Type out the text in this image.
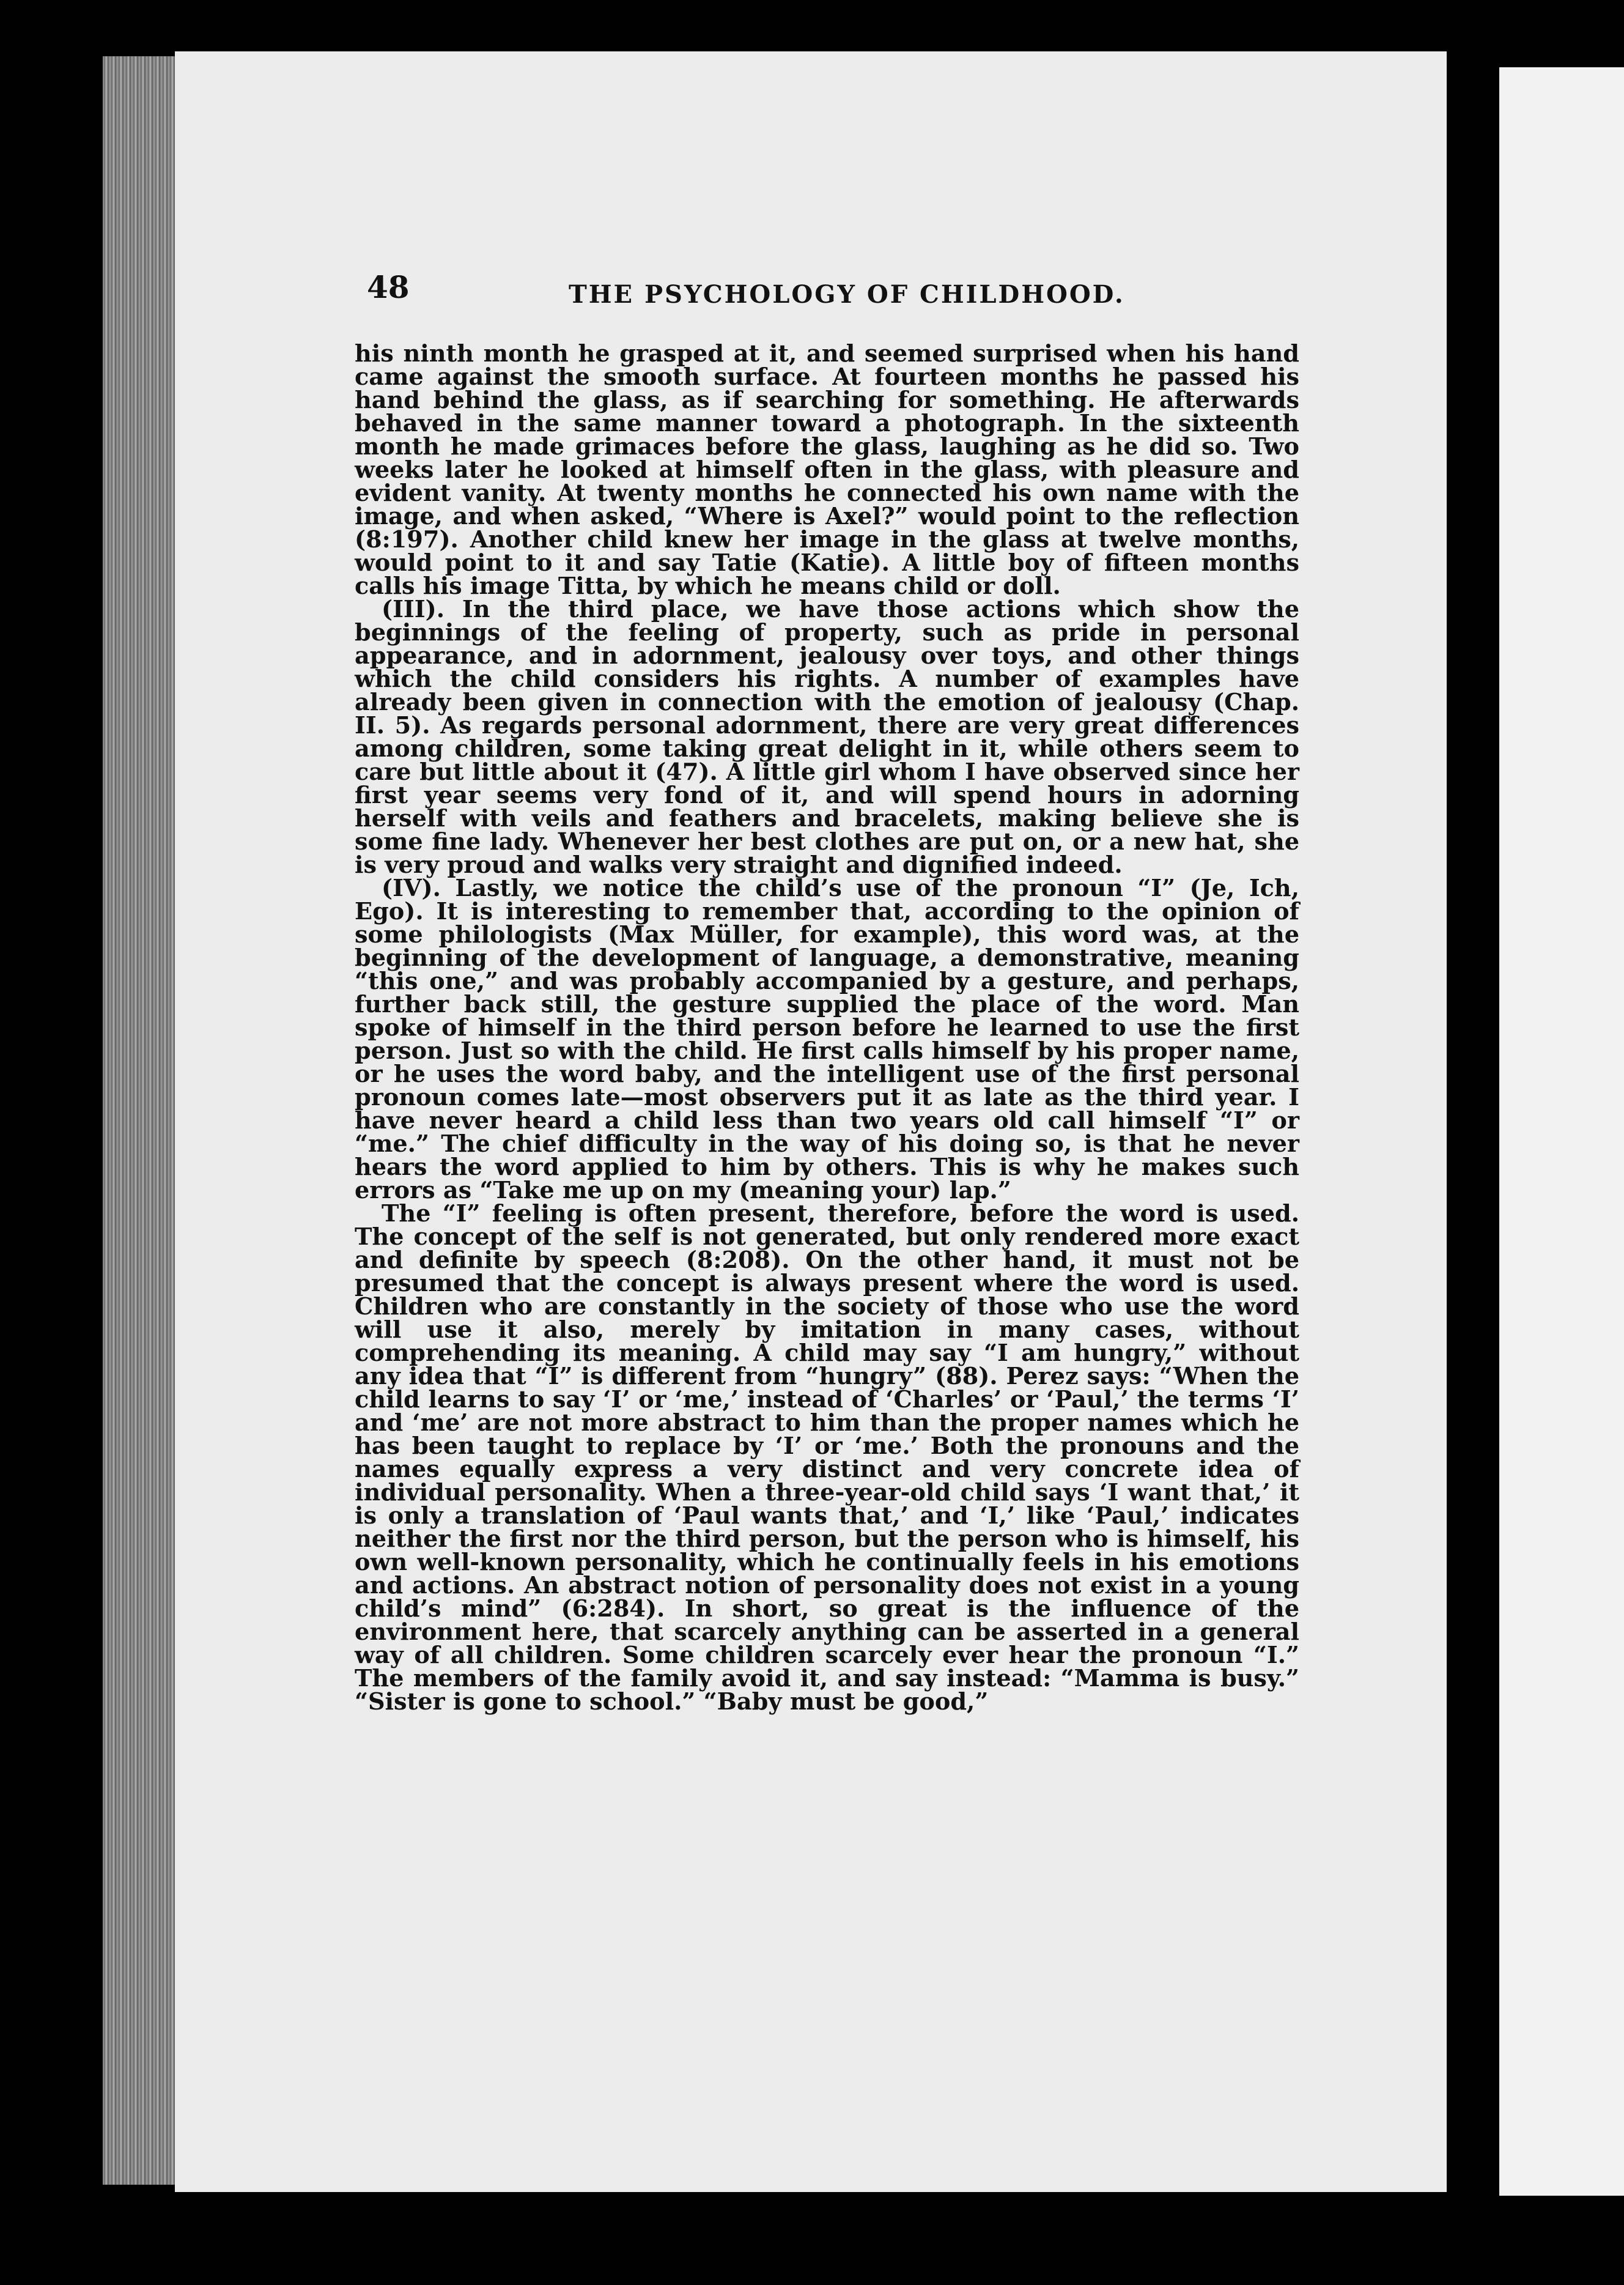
48	THE PSYCHOLOGY OF CHILDHOOD.

his ninth month he grasped at it, and seemed surprised when his hand came against the smooth surface. At fourteen months he passed his hand behind the glass, as if searching for something. He afterwards behaved in the same manner toward a photograph. In the sixteenth month he made grimaces before the glass, laughing as he did so. Two weeks later he looked at himself often in the glass, with pleasure and evident vanity. At twenty months he connected his own name with the image, and when asked, “Where is Axel?” would point to the reflection (8:197). Another child knew her image in the glass at twelve months, would point to it and say Tatie (Katie). A little boy of fifteen months calls his image Titta, by which he means child or doll.

(III). In the third place, we have those actions which show the beginnings of the feeling of property, such as pride in personal appearance, and in adornment, jealousy over toys, and other things which the child considers his rights. A number of examples have already been given in connection with the emotion of jealousy (Chap. II. 5). As regards personal adornment, there are very great differences among children, some taking great delight in it, while others seem to care but little about it (47). A little girl whom I have observed since her first year seems very fond of it, and will spend hours in adorning herself with veils and feathers and bracelets, making believe she is some fine lady. Whenever her best clothes are put on, or a new hat, she is very proud and walks very straight and dignified indeed.

(IV). Lastly, we notice the child’s use of the pronoun “I” (Je, Ich, Ego). It is interesting to remember that, according to the opinion of some philologists (Max Müller, for example), this word was, at the beginning of the development of language, a demonstrative, meaning “this one,” and was probably accompanied by a gesture, and perhaps, further back still, the gesture supplied the place of the word. Man spoke of himself in the third person before he learned to use the first person. Just so with the child. He first calls himself by his proper name, or he uses the word baby, and the intelligent use of the first personal pronoun comes late—most observers put it as late as the third year. I have never heard a child less than two years old call himself “I” or “me.” The chief difficulty in the way of his doing so, is that he never hears the word applied to him by others. This is why he makes such errors as “Take me up on my (meaning your) lap.”

The “I” feeling is often present, therefore, before the word is used. The concept of the self is not generated, but only rendered more exact and definite by speech (8:208). On the other hand, it must not be presumed that the concept is always present where the word is used. Children who are constantly in the society of those who use the word will use it also, merely by imitation in many cases, without comprehending its meaning. A child may say “I am hungry,” without any idea that “I” is different from “hungry” (88). Perez says: “When the child learns to say ‘I’ or ‘me,’ instead of ‘Charles’ or ‘Paul,’ the terms ‘I’ and ‘me’ are not more abstract to him than the proper names which he has been taught to replace by ‘I’ or ‘me.’ Both the pronouns and the names equally express a very distinct and very concrete idea of individual personality. When a three-year-old child says ‘I want that,’ it is only a translation of ‘Paul wants that,’ and ‘I,’ like ‘Paul,’ indicates neither the first nor the third person, but the person who is himself, his own well-known personality, which he continually feels in his emotions and actions. An abstract notion of personality does not exist in a young child’s mind” (6:284). In short, so great is the influence of the environment here, that scarcely anything can be asserted in a general way of all children. Some children scarcely ever hear the pronoun “I.” The members of the family avoid it, and say instead: “Mamma is busy.” “Sister is gone to school.” “Baby must be good,”
